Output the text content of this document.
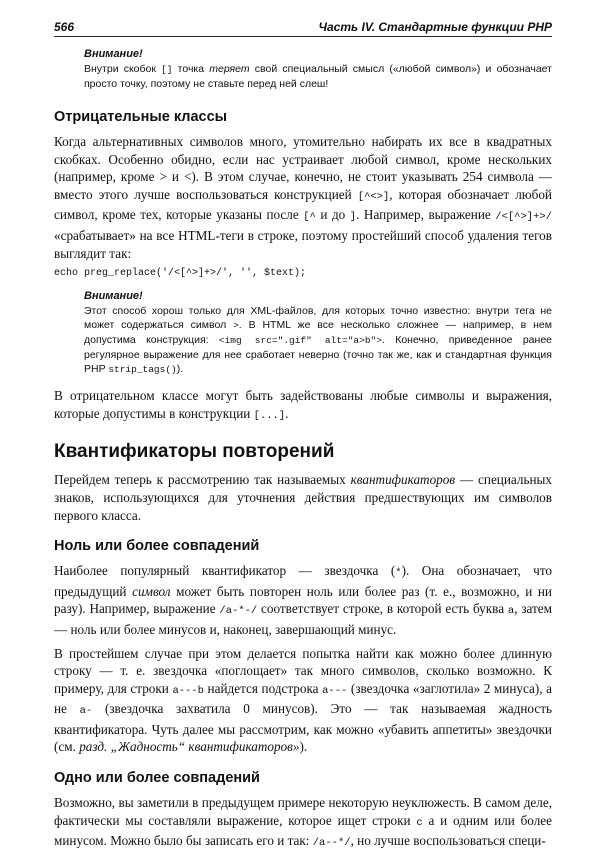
566	Часть IV. Стандартные функции PHP
Внимание!

Внутри скобок [] точка теряет свой специальный смысл («любой символ») и обозначает просто точку, поэтому не ставьте перед ней слеш!

Отрицательные классы

Когда альтернативных символов много, утомительно набирать их все в квадратных скобках. Особенно обидно, если нас устраивает любой символ, кроме нескольких (например, кроме > и <). В этом случае, конечно, не стоит указывать 254 символа — вместо этого лучше воспользоваться конструкцией [^<>], которая обозначает любой символ, кроме тех, которые указаны после [^ и до ]. Например, выражение /<[^>]+>/ «срабатывает» на все HTML-теги в строке, поэтому простейший способ удаления тегов выглядит так:

echo preg_replace('/<[^>]+>/', '', $text);

Внимание!

Этот способ хорош только для XML-файлов, для которых точно известно: внутри тега не может содержаться символ >. В HTML же все несколько сложнее — например, в нем допустима конструкция: <img src=".gif" alt="a>b">. Конечно, приведенное ранее регулярное выражение для нее сработает неверно (точно так же, как и стандартная функция PHP strip_tags()).

В отрицательном классе могут быть задействованы любые символы и выражения, которые допустимы в конструкции [...].

Квантификаторы повторений

Перейдем теперь к рассмотрению так называемых квантификаторов — специальных знаков, использующихся для уточнения действия предшествующих им символов первого класса.

Ноль или более совпадений

Наиболее популярный квантификатор — звездочка (*). Она обозначает, что предыдущий символ может быть повторен ноль или более раз (т. е., возможно, и ни разу). Например, выражение /a-*-/ соответствует строке, в которой есть буква a, затем — ноль или более минусов и, наконец, завершающий минус.

В простейшем случае при этом делается попытка найти как можно более длинную строку — т. е. звездочка «поглощает» так много символов, сколько возможно. К примеру, для строки a---b найдется подстрока a--- (звездочка «заглотила» 2 минуса), а не a- (звездочка захватила 0 минусов). Это — так называемая жадность квантификатора. Чуть далее мы рассмотрим, как можно «убавить аппетиты» звездочки (см. разд. „Жадность“ квантификаторов»).

Одно или более совпадений

Возможно, вы заметили в предыдущем примере некоторую неуклюжесть. В самом деле, фактически мы составляли выражение, которое ищет строки с а и одним или более минусом. Можно было бы записать его и так: /a--*/, но лучше воспользоваться специ-
